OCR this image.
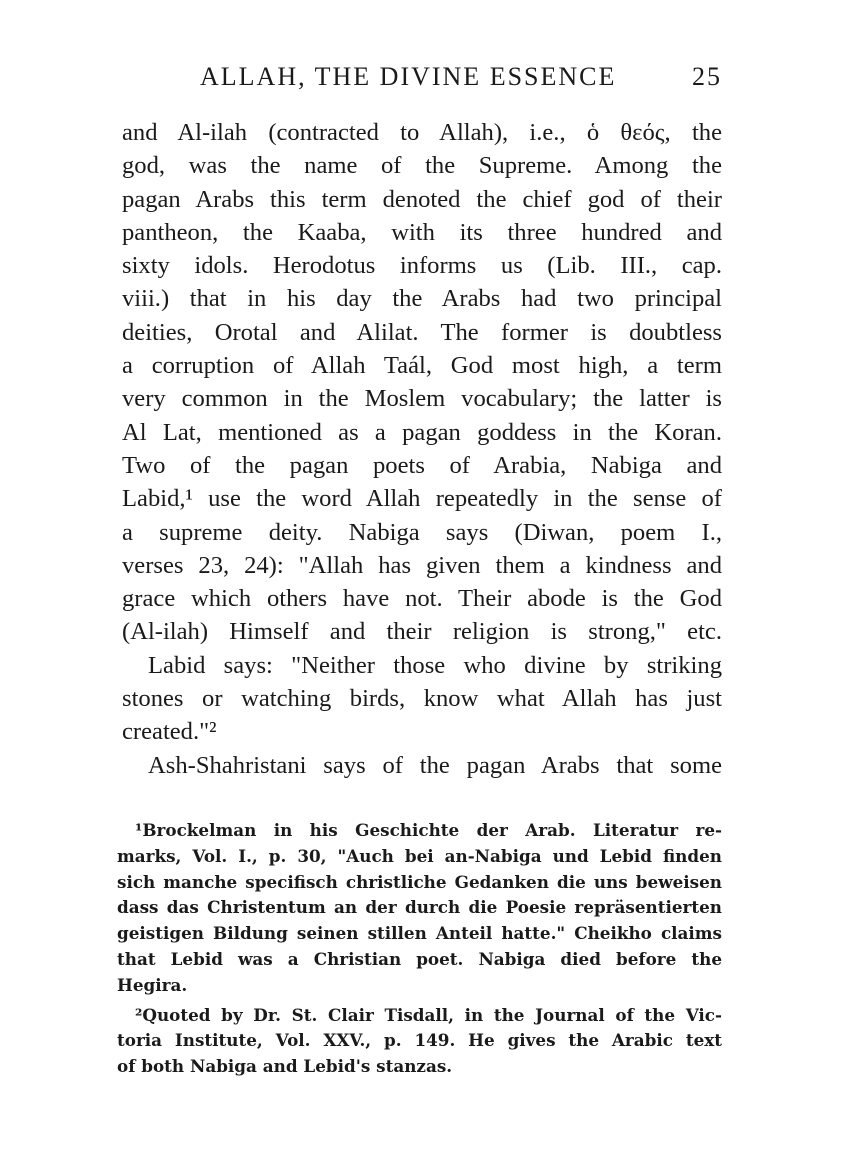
ALLAH, THE DIVINE ESSENCE	25
and Al-ilah (contracted to Allah), i.e., ὁ θεός, the
god, was the name of the Supreme. Among the
pagan Arabs this term denoted the chief god of their
pantheon, the Kaaba, with its three hundred and
sixty idols. Herodotus informs us (Lib. III., cap.
viii.) that in his day the Arabs had two principal
deities, Orotal and Alilat. The former is doubtless
a corruption of Allah Taál, God most high, a term
very common in the Moslem vocabulary; the latter is
Al Lat, mentioned as a pagan goddess in the Koran.
Two of the pagan poets of Arabia, Nabiga and
Labid,¹ use the word Allah repeatedly in the sense of
a supreme deity. Nabiga says (Diwan, poem I.,
verses 23, 24): "Allah has given them a kindness and
grace which others have not. Their abode is the God
(Al-ilah) Himself and their religion is strong," etc.
Labid says: "Neither those who divine by striking
stones or watching birds, know what Allah has just
created."²
Ash-Shahristani says of the pagan Arabs that some
¹Brockelman in his Geschichte der Arab. Literatur re-
marks, Vol. I., p. 30, "Auch bei an-Nabiga und Lebid finden
sich manche specifisch christliche Gedanken die uns beweisen
dass das Christentum an der durch die Poesie repräsentierten
geistigen Bildung seinen stillen Anteil hatte." Cheikho claims
that Lebid was a Christian poet. Nabiga died before the
Hegira.
²Quoted by Dr. St. Clair Tisdall, in the Journal of the Vic-
toria Institute, Vol. XXV., p. 149. He gives the Arabic text
of both Nabiga and Lebid's stanzas.
